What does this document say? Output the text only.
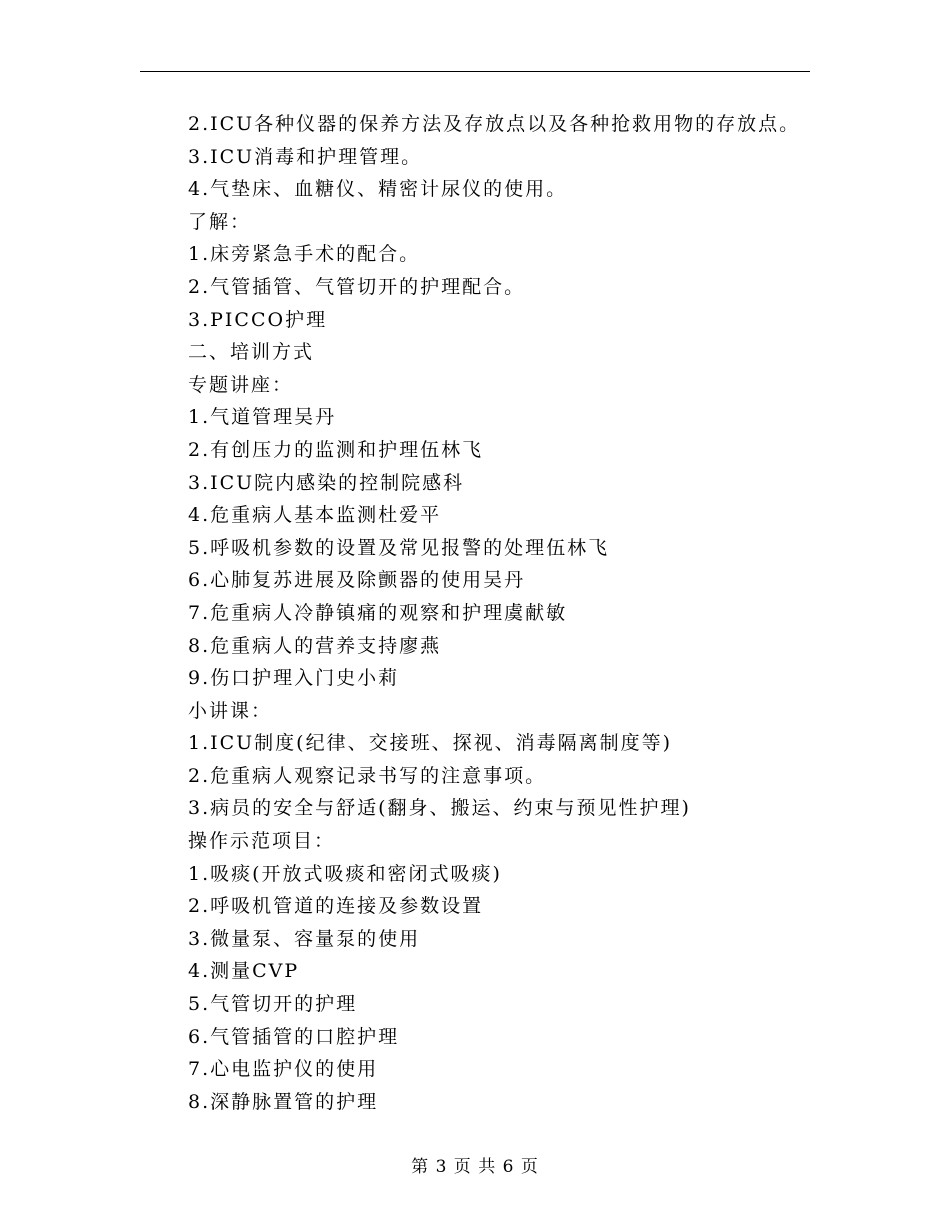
2.ICU各种仪器的保养方法及存放点以及各种抢救用物的存放点。
3.ICU消毒和护理管理。
4.气垫床、血糖仪、精密计尿仪的使用。
了解：
1.床旁紧急手术的配合。
2.气管插管、气管切开的护理配合。
3.PICCO护理
二、培训方式
专题讲座：
1.气道管理吴丹
2.有创压力的监测和护理伍林飞
3.ICU院内感染的控制院感科
4.危重病人基本监测杜爱平
5.呼吸机参数的设置及常见报警的处理伍林飞
6.心肺复苏进展及除颤器的使用吴丹
7.危重病人冷静镇痛的观察和护理虞献敏
8.危重病人的营养支持廖燕
9.伤口护理入门史小莉
小讲课：
1.ICU制度(纪律、交接班、探视、消毒隔离制度等)
2.危重病人观察记录书写的注意事项。
3.病员的安全与舒适(翻身、搬运、约束与预见性护理)
操作示范项目：
1.吸痰(开放式吸痰和密闭式吸痰)
2.呼吸机管道的连接及参数设置
3.微量泵、容量泵的使用
4.测量CVP
5.气管切开的护理
6.气管插管的口腔护理
7.心电监护仪的使用
8.深静脉置管的护理
第 3 页 共 6 页
